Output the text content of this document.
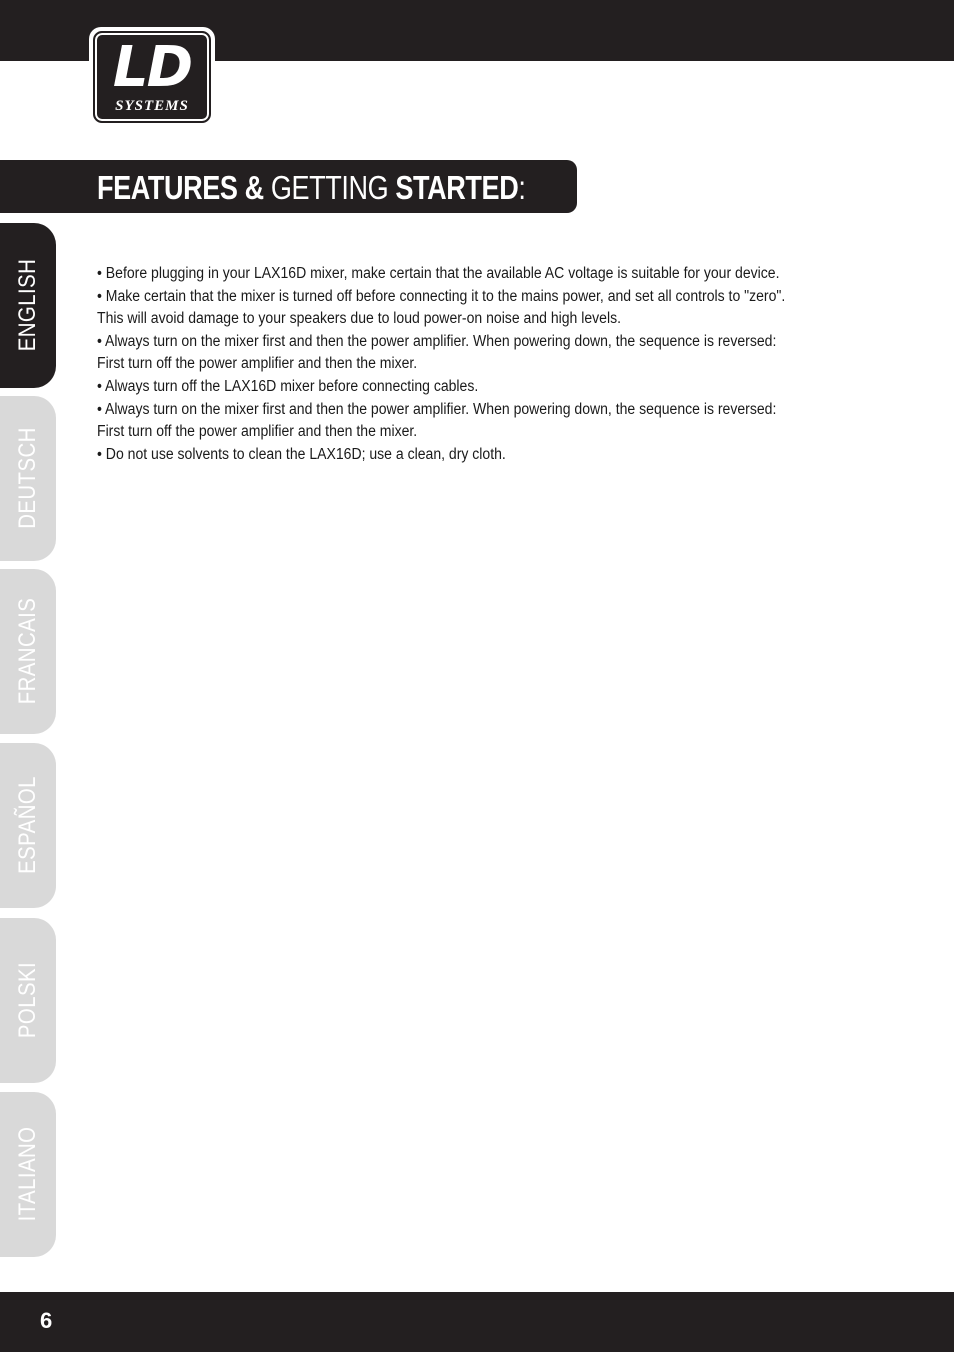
LD
SYSTEMS
FEATURES & GETTING STARTED:
ENGLISH
DEUTSCH
FRANCAIS
ESPAÑOL
POLSKI
ITALIANO

• Before plugging in your LAX16D mixer, make certain that the available AC voltage is suitable for your device.

• Make certain that the mixer is turned off before connecting it to the mains power, and set all controls to "zero".

This will avoid damage to your speakers due to loud power-on noise and high levels.

• Always turn on the mixer first and then the power amplifier. When powering down, the sequence is reversed:

First turn off the power amplifier and then the mixer.

• Always turn off the LAX16D mixer before connecting cables.

• Always turn on the mixer first and then the power amplifier. When powering down, the sequence is reversed:

First turn off the power amplifier and then the mixer.

• Do not use solvents to clean the LAX16D; use a clean, dry cloth.

6
